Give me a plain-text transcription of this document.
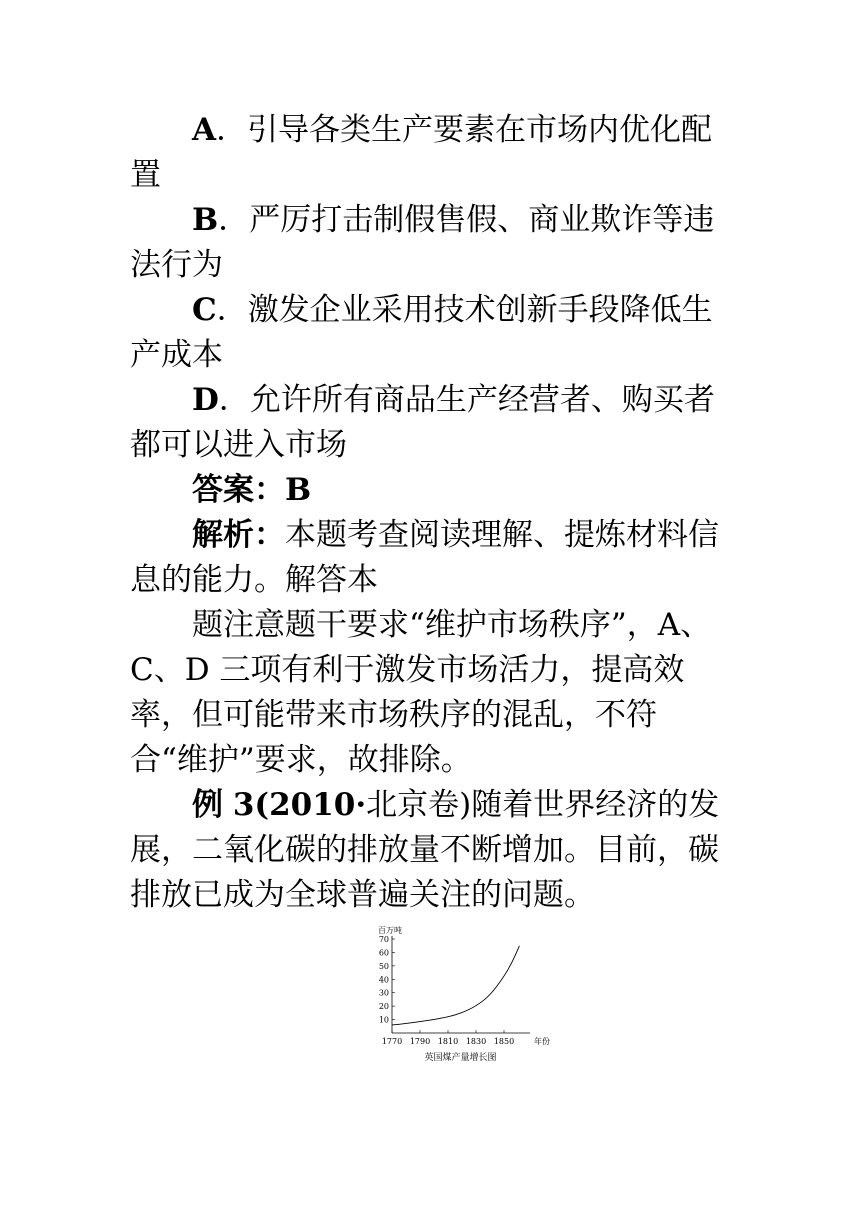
A．引导各类生产要素在市场内优化配置

B．严厉打击制假售假、商业欺诈等违法行为

C．激发企业采用技术创新手段降低生产成本

D．允许所有商品生产经营者、购买者都可以进入市场

答案：B

解析：本题考查阅读理解、提炼材料信息的能力。解答本

题注意题干要求“维护市场秩序”，A、C、D 三项有利于激发市场活力，提高效率，但可能带来市场秩序的混乱，不符合“维护”要求，故排除。

例 3(2010·北京卷)随着世界经济的发展，二氧化碳的排放量不断增加。目前，碳排放已成为全球普遍关注的问题。

百万吨
10
20
30
40
50
60
70
1770 1790 1810 1830 1850 年份
英国煤产量增长图
